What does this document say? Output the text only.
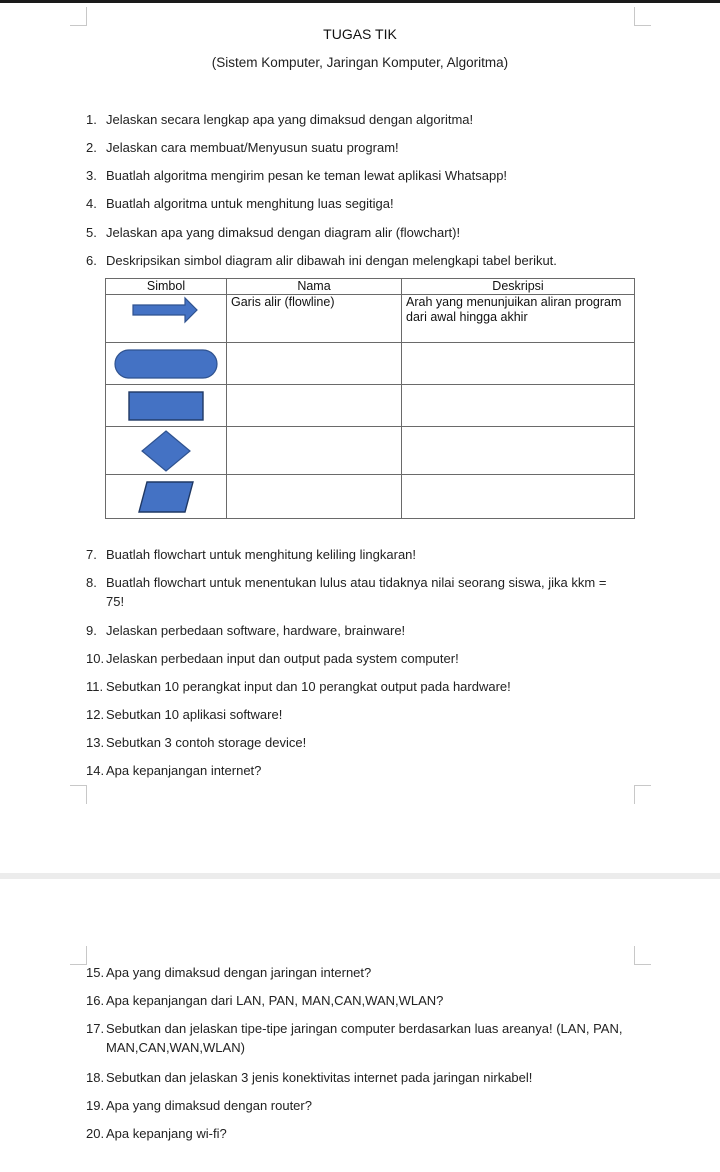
TUGAS TIK
(Sistem Komputer, Jaringan Komputer, Algoritma)
1. Jelaskan secara lengkap apa yang dimaksud dengan algoritma!
2. Jelaskan cara membuat/Menyusun suatu program!
3. Buatlah algoritma mengirim pesan ke teman lewat aplikasi Whatsapp!
4. Buatlah algoritma untuk menghitung luas segitiga!
5. Jelaskan apa yang dimaksud dengan diagram alir (flowchart)!
6. Deskripsikan simbol diagram alir dibawah ini dengan melengkapi tabel berikut.
Simbol	Nama	Deskripsi

	Garis alir (flowline)	Arah yang menunjuikan aliran program dari awal hingga akhir

7. Buatlah flowchart untuk menghitung keliling lingkaran!
8. Buatlah flowchart untuk menentukan lulus atau tidaknya nilai seorang siswa, jika kkm = 75!
9. Jelaskan perbedaan software, hardware, brainware!
10. Jelaskan perbedaan input dan output pada system computer!
11. Sebutkan 10 perangkat input dan 10 perangkat output pada hardware!
12. Sebutkan 10 aplikasi software!
13. Sebutkan 3 contoh storage device!
14. Apa kepanjangan internet?
15. Apa yang dimaksud dengan jaringan internet?
16. Apa kepanjangan dari LAN, PAN, MAN,CAN,WAN,WLAN?
17. Sebutkan dan jelaskan tipe-tipe jaringan computer berdasarkan luas areanya! (LAN, PAN, MAN,CAN,WAN,WLAN)
18. Sebutkan dan jelaskan 3 jenis konektivitas internet pada jaringan nirkabel!
19. Apa yang dimaksud dengan router?
20. Apa kepanjang wi-fi?
